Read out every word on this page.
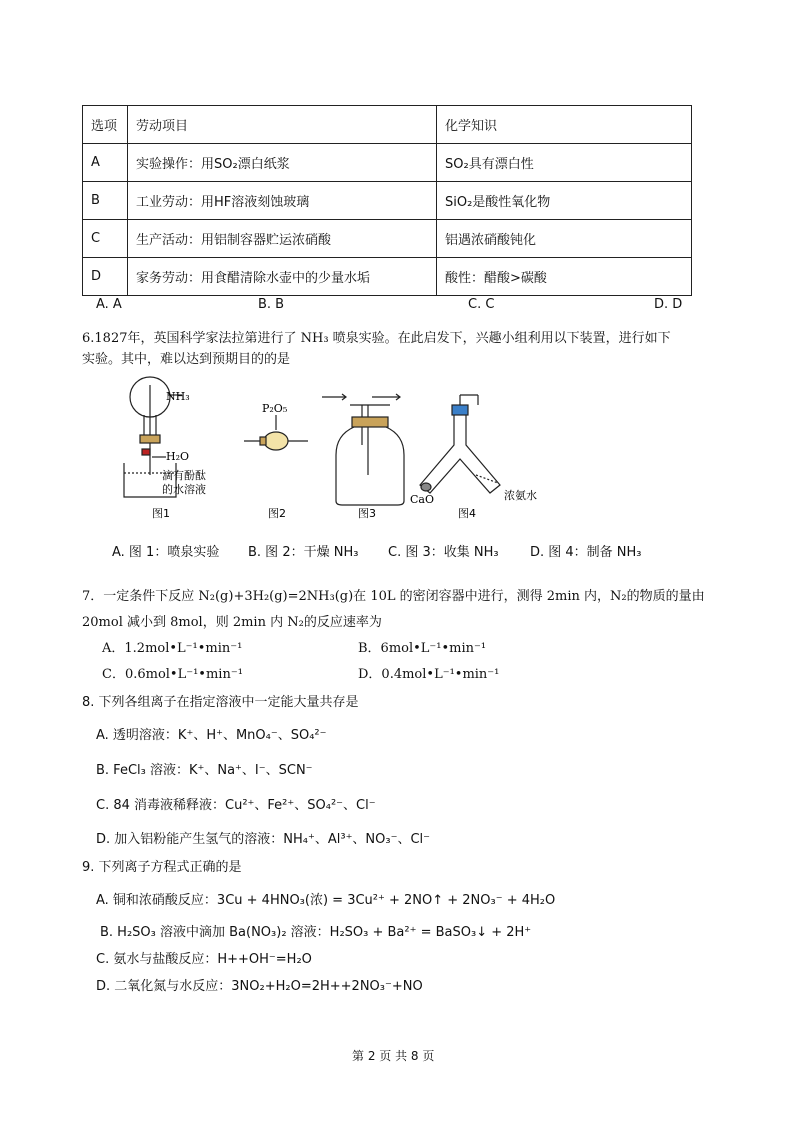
选项	劳动项目	化学知识
A	实验操作：用SO₂漂白纸浆	SO₂具有漂白性
B	工业劳动：用HF溶液刻蚀玻璃	SiO₂是酸性氧化物
C	生产活动：用铝制容器贮运浓硝酸	铝遇浓硝酸钝化
D	家务劳动：用食醋清除水壶中的少量水垢	酸性：醋酸>碳酸
A. A	B. B	C. C	D. D
6.1827年，英国科学家法拉第进行了 NH₃ 喷泉实验。在此启发下，兴趣小组利用以下装置，进行如下
实验。其中，难以达到预期目的的是
NH₃
H₂O
滴有酚酞
的水溶液
P₂O₅
CaO	浓氨水
图1	图2	图3	图4
A. 图 1：喷泉实验 B. 图 2：干燥 NH₃ C. 图 3：收集 NH₃ D. 图 4：制备 NH₃
7．一定条件下反应 N₂(g)+3H₂(g)=2NH₃(g)在 10L 的密闭容器中进行，测得 2min 内，N₂的物质的量由
20mol 减小到 8mol，则 2min 内 N₂的反应速率为
A．1.2mol•L⁻¹•min⁻¹	B．6mol•L⁻¹•min⁻¹
C．0.6mol•L⁻¹•min⁻¹	D．0.4mol•L⁻¹•min⁻¹
8. 下列各组离子在指定溶液中一定能大量共存是
A. 透明溶液：K⁺、H⁺、MnO₄⁻、SO₄²⁻
B. FeCl₃ 溶液：K⁺、Na⁺、I⁻、SCN⁻
C. 84 消毒液稀释液：Cu²⁺、Fe²⁺、SO₄²⁻、Cl⁻
D. 加入铝粉能产生氢气的溶液：NH₄⁺、Al³⁺、NO₃⁻、Cl⁻
9. 下列离子方程式正确的是
A. 铜和浓硝酸反应：3Cu + 4HNO₃(浓) = 3Cu²⁺ + 2NO↑ + 2NO₃⁻ + 4H₂O
B. H₂SO₃ 溶液中滴加 Ba(NO₃)₂ 溶液：H₂SO₃ + Ba²⁺ = BaSO₃↓ + 2H⁺
C. 氨水与盐酸反应：H++OH⁻=H₂O
D. 二氧化氮与水反应：3NO₂+H₂O=2H++2NO₃⁻+NO
第 2 页 共 8 页
